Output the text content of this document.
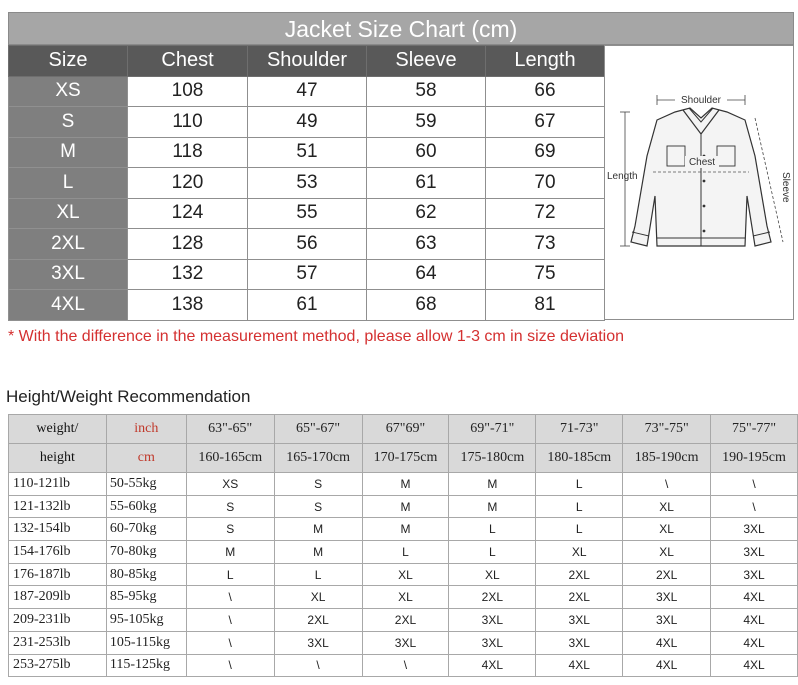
Jacket Size Chart (cm)
Size	Chest	Shoulder	Sleeve	Length
XS	108	47	58	66
S	110	49	59	67
M	118	51	60	69
L	120	53	61	70
XL	124	55	62	72
2XL	128	56	63	73
3XL	132	57	64	75
4XL	138	61	68	81
Shoulder
Chest
Length	Sleeve
* With the difference in the measurement method, please allow 1-3 cm in size deviation
Height/Weight Recommendation
weight/	inch	63"-65"	65"-67"	67"69"	69"-71"	71-73"	73"-75"	75"-77"
height	cm	160-165cm	165-170cm	170-175cm	175-180cm	180-185cm	185-190cm	190-195cm
110-121lb	50-55kg	XS	S	M	M	L	\	\
121-132lb	55-60kg	S	S	M	M	L	XL	\
132-154lb	60-70kg	S	M	M	L	L	XL	3XL
154-176lb	70-80kg	M	M	L	L	XL	XL	3XL
176-187lb	80-85kg	L	L	XL	XL	2XL	2XL	3XL
187-209lb	85-95kg	\	XL	XL	2XL	2XL	3XL	4XL
209-231lb	95-105kg	\	2XL	2XL	3XL	3XL	3XL	4XL
231-253lb	105-115kg	\	3XL	3XL	3XL	3XL	4XL	4XL
253-275lb	115-125kg	\	\	\	4XL	4XL	4XL	4XL
